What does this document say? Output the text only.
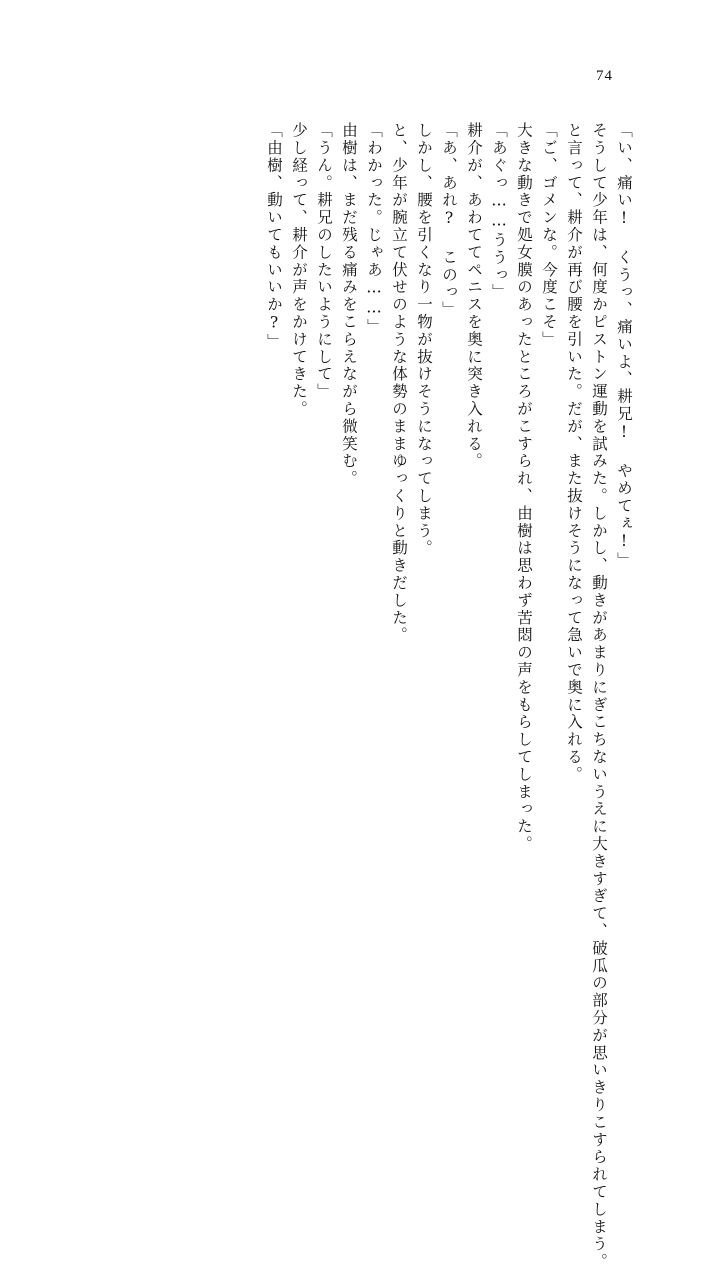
74
「由樹、動いてもいいか?」 少し経って、耕介が声をかけてきた。 「うん。耕兄のしたいようにして」 由樹は、まだ残る痛みをこらえながら微笑む。 「わかった。じゃあ……」 と、少年が腕立て伏せのような体勢のままゆっくりと動きだした。 しかし、腰を引くなり一物が抜けそうになってしまう。 「あ、あれ? このっ」 耕介が、あわててペニスを奥に突き入れる。 「あぐっ……ううっ」 大きな動きで処女膜のあったところがこすられ、由樹は思わず苦悶の声をもらしてしまった。 「ご、ゴメンな。今度こそ」 と言って、耕介が再び腰を引いた。だが、また抜けそうになって急いで奥に入れる。 そうして少年は、何度かピストン運動を試みた。しかし、動きがあまりにぎこちないうえに大きすぎて、破瓜の部分が思いきりこすられてしまう。 「い、痛い! くうっ、痛いよ、耕兄! やめてぇ!」
